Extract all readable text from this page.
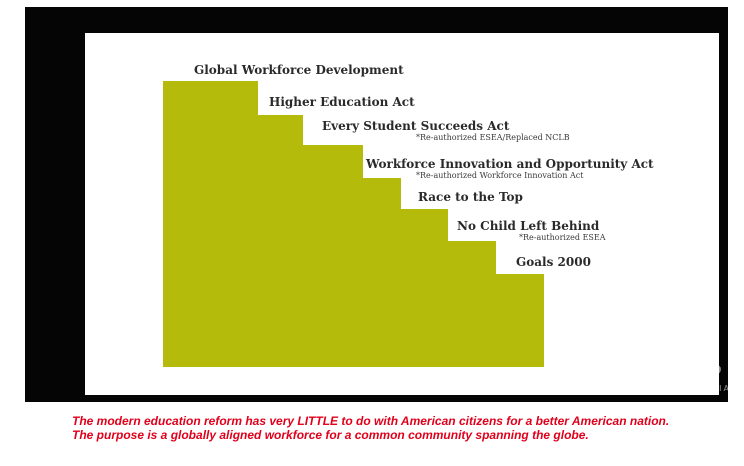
Global Workforce Development
Higher Education Act
Every Student Succeeds Act
*Re-authorized ESEA/Replaced NCLB
Workforce Innovation and Opportunity Act
*Re-authorized Workforce Innovation Act
Race to the Top
No Child Left Behind
*Re-authorized ESEA
Goals 2000
VP
MEDIA
The modern education reform has very LITTLE to do with American citizens for a better American nation.
The purpose is a globally aligned workforce for a common community spanning the globe.
